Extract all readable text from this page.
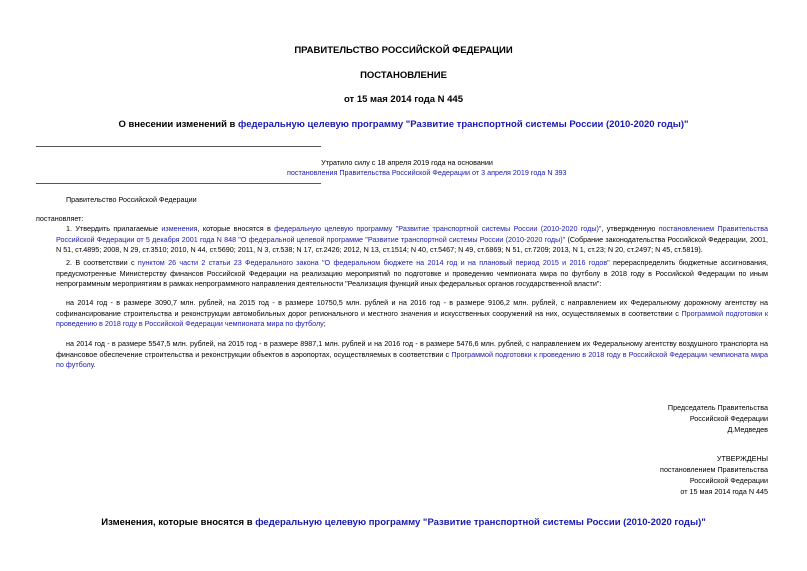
ПРАВИТЕЛЬСТВО РОССИЙСКОЙ ФЕДЕРАЦИИ
ПОСТАНОВЛЕНИЕ
от 15 мая 2014 года N 445
О внесении изменений в федеральную целевую программу "Развитие транспортной системы России (2010-2020 годы)"
Утратило силу с 18 апреля 2019 года на основании
постановления Правительства Российской Федерации от 3 апреля 2019 года N 393
Правительство Российской Федерации
постановляет:
1. Утвердить прилагаемые изменения, которые вносятся в федеральную целевую программу "Развитие транспортной системы России (2010-2020 годы)", утвержденную постановлением Правительства Российской Федерации от 5 декабря 2001 года N 848 "О федеральной целевой программе "Развитие транспортной системы России (2010-2020 годы)" (Собрание законодательства Российской Федерации, 2001, N 51, ст.4895; 2008, N 29, ст.3510; 2010, N 44, ст.5690; 2011, N 3, ст.538; N 17, ст.2426; 2012, N 13, ст.1514; N 40, ст.5467; N 49, ст.6869; N 51, ст.7209; 2013, N 1, ст.23; N 20, ст.2497; N 45, ст.5819).
2. В соответствии с пунктом 26 части 2 статьи 23 Федерального закона "О федеральном бюджете на 2014 год и на плановый период 2015 и 2016 годов" перераспределить бюджетные ассигнования, предусмотренные Министерству финансов Российской Федерации на реализацию мероприятий по подготовке и проведению чемпионата мира по футболу в 2018 году в Российской Федерации по иным непрограммным мероприятиям в рамках непрограммного направления деятельности "Реализация функций иных федеральных органов государственной власти":
на 2014 год - в размере 3090,7 млн. рублей, на 2015 год - в размере 10750,5 млн. рублей и на 2016 год - в размере 9106,2 млн. рублей, с направлением их Федеральному дорожному агентству на софинансирование строительства и реконструкции автомобильных дорог регионального и местного значения и искусственных сооружений на них, осуществляемых в соответствии с Программой подготовки к проведению в 2018 году в Российской Федерации чемпионата мира по футболу;
на 2014 год - в размере 5547,5 млн. рублей, на 2015 год - в размере 8987,1 млн. рублей и на 2016 год - в размере 5476,6 млн. рублей, с направлением их Федеральному агентству воздушного транспорта на финансовое обеспечение строительства и реконструкции объектов в аэропортах, осуществляемых в соответствии с Программой подготовки к проведению в 2018 году в Российской Федерации чемпионата мира по футболу.
Председатель Правительства
Российской Федерации
Д.Медведев
УТВЕРЖДЕНЫ
постановлением Правительства
Российской Федерации
от 15 мая 2014 года N 445
Изменения, которые вносятся в федеральную целевую программу "Развитие транспортной системы России (2010-2020 годы)"
